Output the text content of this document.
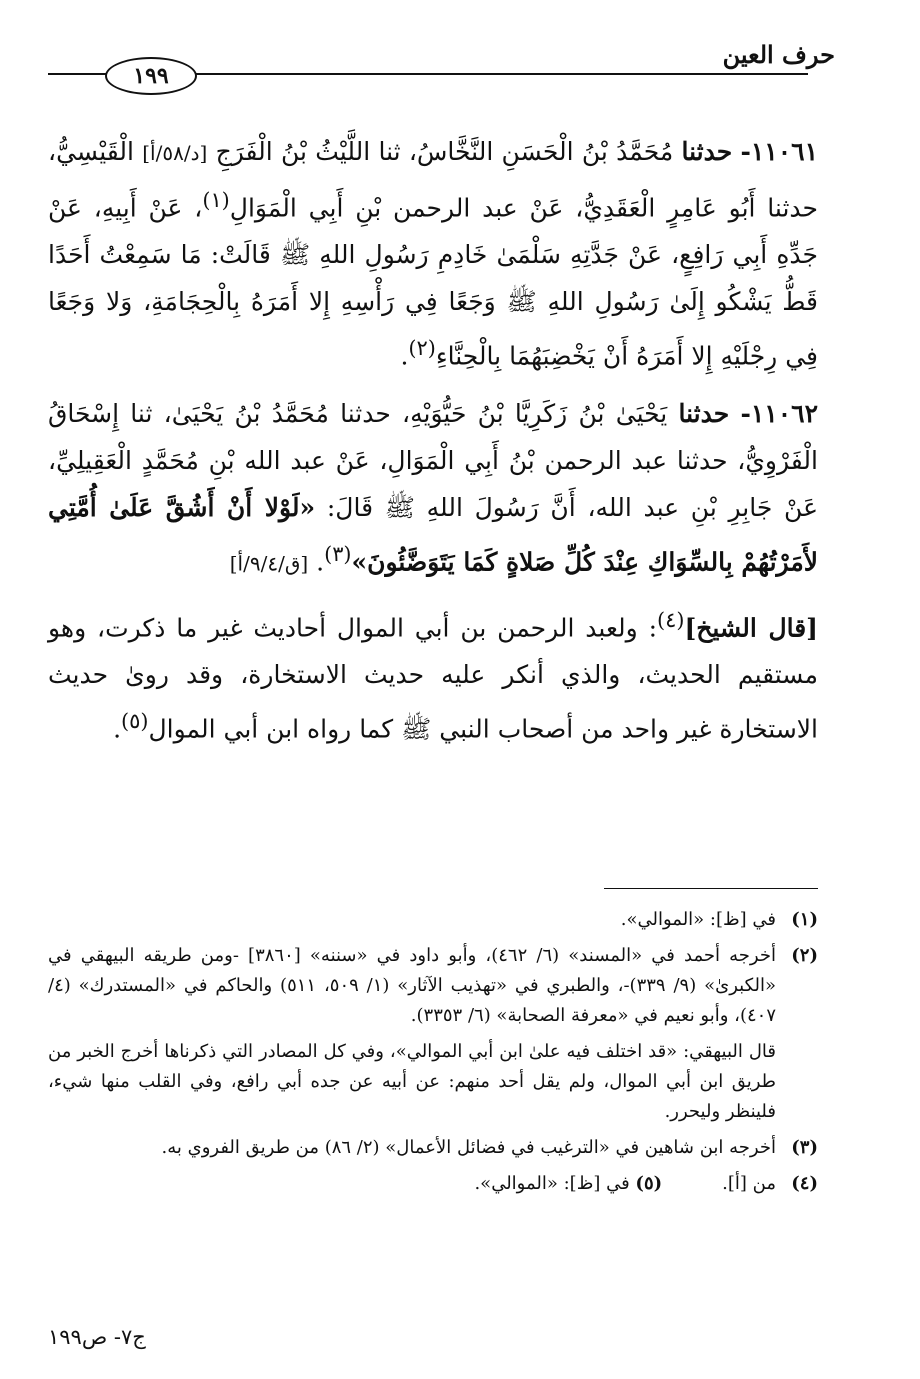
حرف العين
١٩٩

١١٠٦١- حدثنا مُحَمَّدُ بْنُ الْحَسَنِ النَّخَّاسُ، ثنا اللَّيْثُ بْنُ الْفَرَجِ [د/٥٨/أ] الْقَيْسِيُّ، حدثنا أَبُو عَامِرٍ الْعَقَدِيُّ، عَنْ عبد الرحمن بْنِ أَبِي الْمَوَالِ$^{(١)}$، عَنْ أَبِيهِ، عَنْ جَدِّهِ أَبِي رَافِعٍ، عَنْ جَدَّتِهِ سَلْمَىٰ خَادِمِ رَسُولِ اللهِ ﷺ قَالَتْ: مَا سَمِعْتُ أَحَدًا قَطُّ يَشْكُو إِلَىٰ رَسُولِ اللهِ ﷺ وَجَعًا فِي رَأْسِهِ إِلا أَمَرَهُ بِالْحِجَامَةِ، وَلا وَجَعًا فِي رِجْلَيْهِ إِلا أَمَرَهُ أَنْ يَخْضِبَهُمَا بِالْحِنَّاءِ$^{(٢)}$.

١١٠٦٢- حدثنا يَحْيَىٰ بْنُ زَكَرِيَّا بْنُ حَيُّوَيْهِ، حدثنا مُحَمَّدُ بْنُ يَحْيَىٰ، ثنا إِسْحَاقُ الْفَرْوِيُّ، حدثنا عبد الرحمن بْنُ أَبِي الْمَوَالِ، عَنْ عبد الله بْنِ مُحَمَّدٍ الْعَقِيلِيِّ، عَنْ جَابِرِ بْنِ عبد الله، أَنَّ رَسُولَ اللهِ ﷺ قَالَ: «لَوْلا أَنْ أَشُقَّ عَلَىٰ أُمَّتِي لأَمَرْتُهُمْ بِالسِّوَاكِ عِنْدَ كُلِّ صَلاةٍ كَمَا يَتَوَضَّئُونَ»$^{(٣)}$. [ق/٩/٤/أ]

[قال الشيخ]$^{(٤)}$: ولعبد الرحمن بن أبي الموال أحاديث غير ما ذكرت، وهو مستقيم الحديث، والذي أنكر عليه حديث الاستخارة، وقد روىٰ حديث الاستخارة غير واحد من أصحاب النبي ﷺ كما رواه ابن أبي الموال$^{(٥)}$.

(١)
في [ظ]: «الموالي».
(٢)
أخرجه أحمد في «المسند» (٦/ ٤٦٢)، وأبو داود في «سننه» [٣٨٦٠] -ومن طريقه البيهقي في «الكبرىٰ» (٩/ ٣٣٩)-، والطبري في «تهذيب الآثار» (١/ ٥٠٩، ٥١١) والحاكم في «المستدرك» (٤/ ٤٠٧)، وأبو نعيم في «معرفة الصحابة» (٦/ ٣٣٥٣).
قال البيهقي: «قد اختلف فيه علىٰ ابن أبي الموالي»، وفي كل المصادر التي ذكرناها أخرج الخبر من طريق ابن أبي الموال، ولم يقل أحد منهم: عن أبيه عن جده أبي رافع، وفي القلب منها شيء، فلينظر وليحرر.
(٣)
أخرجه ابن شاهين في «الترغيب في فضائل الأعمال» (٢/ ٨٦) من طريق الفروي به.
(٤)
من [أ].(٥) في [ظ]: «الموالي».
ج٧- ص١٩٩
